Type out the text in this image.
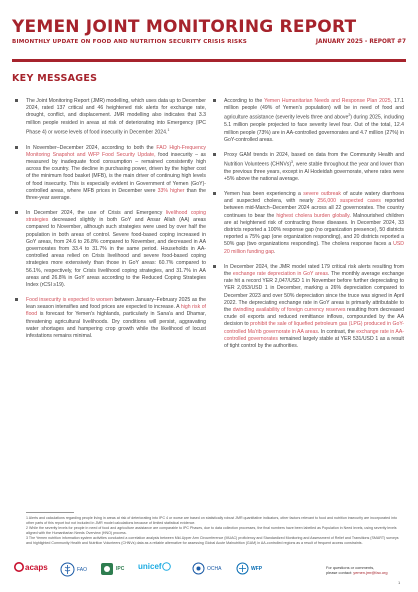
YEMEN JOINT MONITORING REPORT
BIMONTHLY UPDATE ON FOOD AND NUTRITION SECURITY CRISIS RISKS	JANUARY 2025 - REPORT #7
KEY MESSAGES

The Joint Monitoring Report (JMR) modelling, which uses data up to December 2024, rated 137 critical and 46 heightened risk alerts for exchange rate, drought, conflict, and displacement. JMR modelling also indicates that 3.3 million people resided in areas at risk of deteriorating into Emergency (IPC Phase 4) or worse levels of food insecurity in December 2024.$^1$

In November–December 2024, according to both the FAO High-Frequency Monitoring Snapshot and WFP Food Security Update, food insecurity – as measured by inadequate food consumption – remained consistently high across the country. The decline in purchasing power, driven by the higher cost of the minimum food basket (MFB), is the main driver of continuing high levels of food insecurity. This is especially evident in Government of Yemen (GoY)-controlled areas, where MFB prices in December were 33% higher than the three-year average.

In December 2024, the use of Crisis and Emergency livelihood coping strategies decreased slightly in both GoY and Ansar Allah (AA) areas compared to November, although such strategies were used by over half the population in both areas of control. Severe food-based coping increased in GoY areas, from 24.6 to 26.8% compared to November, and decreased in AA governorates from 33.4 to 31.7% in the same period. Households in AA-controlled areas relied on Crisis livelihood and severe food-based coping strategies more extensively than those in GoY areas: 60.7% compared to 56.1%, respectively, for Crisis livelihood coping strategies, and 31.7% in AA areas and 26.8% in GoY areas according to the Reduced Coping Strategies Index (rCSI ≥19).

Food insecurity is expected to worsen between January–February 2025 as the lean season intensifies and food prices are expected to increase. A high risk of flood is forecast for Yemen's highlands, particularly in Sana'a and Dhamar, threatening agricultural livelihoods. Dry conditions will persist, aggravating water shortages and hampering crop growth while the likelihood of locust infestations remains minimal.

According to the Yemen Humanitarian Needs and Response Plan 2025, 17.1 million people (49% of Yemen's population) will be in need of food and agriculture assistance (severity levels three and above$^2$) during 2025, including 5.1 million people projected to face severity level four. Out of the total, 12.4 million people (73%) are in AA-controlled governorates and 4.7 million (27%) in GoY-controlled areas.

Proxy GAM trends in 2024, based on data from the Community Health and Nutrition Volunteers (CHNVs)$^3$, were stable throughout the year and lower than the previous three years, except in Al Hodeidah governorate, where rates were +5% above the national average.

Yemen has been experiencing a severe outbreak of acute watery diarrhoea and suspected cholera, with nearly 256,000 suspected cases reported between mid-March–December 2024 across all 22 governorates. The country continues to bear the highest cholera burden globally. Malnourished children are at heightened risk of contracting these diseases. In December 2024, 33 districts reported a 100% response gap (no organization presence), 50 districts reported a 75% gap (one organization responding), and 20 districts reported a 50% gap (two organizations responding). The cholera response faces a USD 20 million funding gap.

In December 2024, the JMR model rated 179 critical risk alerts resulting from the exchange rate depreciation in GoY areas. The monthly average exchange rate hit a record YER 2,047/USD 1 in November before further depreciating to YER 2,053/USD 1 in December, marking a 26% depreciation compared to December 2023 and over 50% depreciation since the truce was signed in April 2022. The depreciating exchange rate in GoY areas is primarily attributable to the dwindling availability of foreign currency reserves resulting from decreased crude oil exports and reduced remittance inflows, compounded by the AA decision to prohibit the sale of liquefied petroleum gas (LPG) produced in GoY-controlled Ma'rib governorate in AA areas. In contrast, the exchange rate in AA-controlled governorates remained largely stable at YER 531/USD 1 as a result of tight control by the authorities.

1 Alerts and calculations regarding people living in areas at risk of deteriorating into IPC 4 or worse are based on statistically robust JMR quantitative indicators, other factors relevant to food and nutrition insecurity are incorporated into other parts of this report but not included in JMR model calculations because of limited statistical evidence.

2 While the severity levels for people in need of food and agriculture assistance are comparable to IPC Phases, due to data collection processes, the final numbers have been labelled as Population in Need levels, using severity levels aligned with the Humanitarian Needs Overview (HNO) process.

3 The Yemen nutrition information system activities conducted a correlation analysis between Mid-Upper Arm Circumference (MUAC) proficiency and Standardized Monitoring and Assessment of Relief and Transitions (SMART) surveys and highlighted Community Health and Nutrition Volunteers (CHNVs) data as a reliable alternative for assessing Global Acute Malnutrition (GAM) in AA-controlled regions as a result of frequent access constraints.

acaps	FAO	IPC unicef	OCHA	WFP	For questions or comments,
please contact: yemen.jmr@fao.org
1
